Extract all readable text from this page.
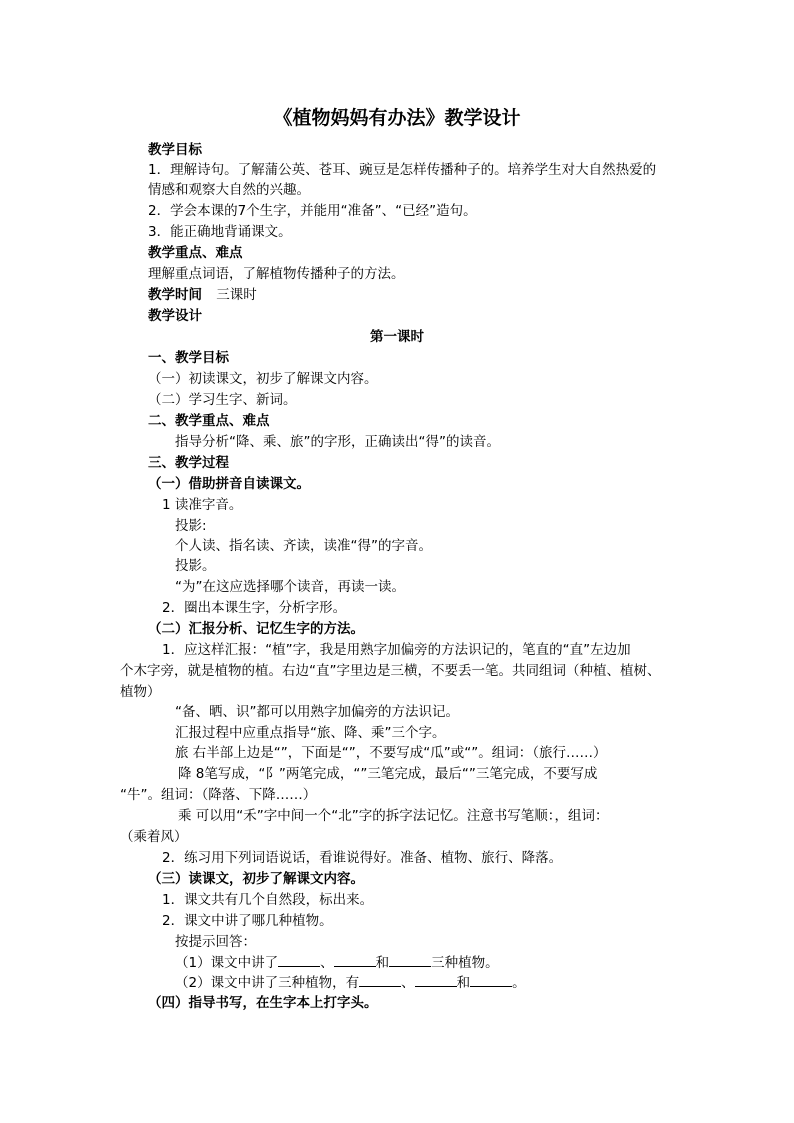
《植物妈妈有办法》教学设计
教学目标
1．理解诗句。了解蒲公英、苍耳、豌豆是怎样传播种子的。培养学生对大自然热爱的
情感和观察大自然的兴趣。
2．学会本课的7个生字，并能用“准备”、“已经”造句。
3．能正确地背诵课文。
教学重点、难点
理解重点词语，了解植物传播种子的方法。
教学时间 三课时
教学设计
第一课时
一、教学目标
（一）初读课文，初步了解课文内容。
（二）学习生字、新词。
二、教学重点、难点
指导分析“降、乘、旅”的字形，正确读出“得”的读音。
三、教学过程
（一）借助拼音自读课文。
1 读准字音。
投影:
个人读、指名读、齐读，读准“得”的字音。
投影。
“为”在这应选择哪个读音，再读一读。
2．圈出本课生字，分析字形。
（二）汇报分析、记忆生字的方法。
1．应这样汇报：“植”字，我是用熟字加偏旁的方法识记的，笔直的“直”左边加
个木字旁，就是植物的植。右边“直”字里边是三横，不要丢一笔。共同组词（种植、植树、
植物）
“备、晒、识”都可以用熟字加偏旁的方法识记。
汇报过程中应重点指导“旅、降、乘”三个字。
旅 右半部上边是“”，下面是“”，不要写成“瓜”或“”。组词：（旅行……）
降 8笔写成，“阝”两笔完成，“”三笔完成，最后“”三笔完成，不要写成
“牛”。组词：（降落、下降……）
乘 可以用“禾”字中间一个“北”字的拆字法记忆。注意书写笔顺：，组词：
（乘着风）
2．练习用下列词语说话，看谁说得好。准备、植物、旅行、降落。
（三）读课文，初步了解课文内容。
1．课文共有几个自然段，标出来。
2．课文中讲了哪几种植物。
按提示回答：
（1）课文中讲了	、	和	三种植物。
（2）课文中讲了三种植物，有	、	和	。
（四）指导书写，在生字本上打字头。
